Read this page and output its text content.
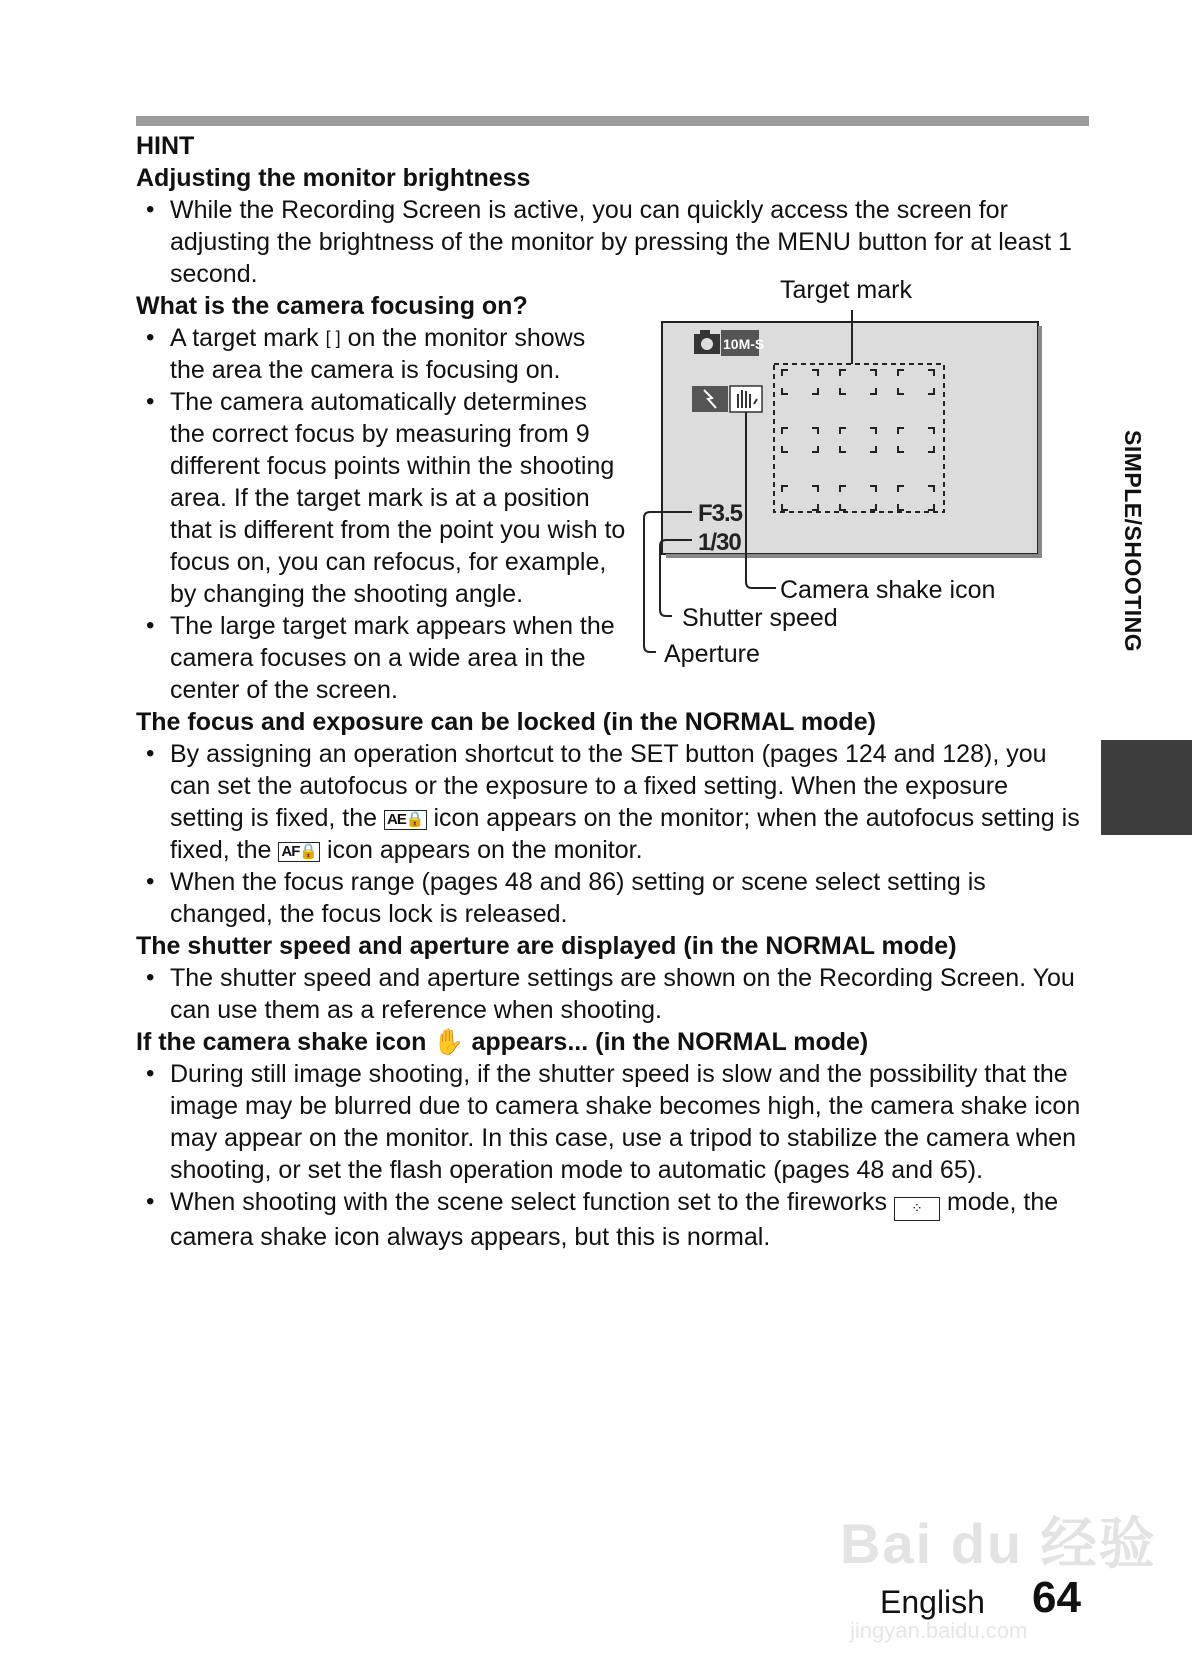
HINT

Adjusting the monitor brightness

• While the Recording Screen is active, you can quickly access the screen for adjusting the brightness of the monitor by pressing the MENU button for at least 1 second.

What is the camera focusing on?

• A target mark [ ] on the monitor shows the area the camera is focusing on.
• The camera automatically determines the correct focus by measuring from 9 different focus points within the shooting area. If the target mark is at a position that is different from the point you wish to focus on, you can refocus, for example, by changing the shooting angle.
• The large target mark appears when the camera focuses on a wide area in the center of the screen.
10M-S
F3.5
1/30
Target mark
Camera shake icon
Shutter speed
Aperture

The focus and exposure can be locked (in the NORMAL mode)

• By assigning an operation shortcut to the SET button (pages 124 and 128), you can set the autofocus or the exposure to a fixed setting. When the exposure setting is fixed, the AE🔒 icon appears on the monitor; when the autofocus setting is fixed, the AF🔒 icon appears on the monitor.
• When the focus range (pages 48 and 86) setting or scene select setting is changed, the focus lock is released.

The shutter speed and aperture are displayed (in the NORMAL mode)

• The shutter speed and aperture settings are shown on the Recording Screen. You can use them as a reference when shooting.

If the camera shake icon ✋ appears... (in the NORMAL mode)

• During still image shooting, if the shutter speed is slow and the possibility that the image may be blurred due to camera shake becomes high, the camera shake icon may appear on the monitor. In this case, use a tripod to stabilize the camera when shooting, or set the flash operation mode to automatic (pages 48 and 65).
• When shooting with the scene select function set to the fireworks ⁘ mode, the camera shake icon always appears, but this is normal.
SIMPLE/SHOOTING
Bai du 经验
jingyan.baidu.com
English 64
